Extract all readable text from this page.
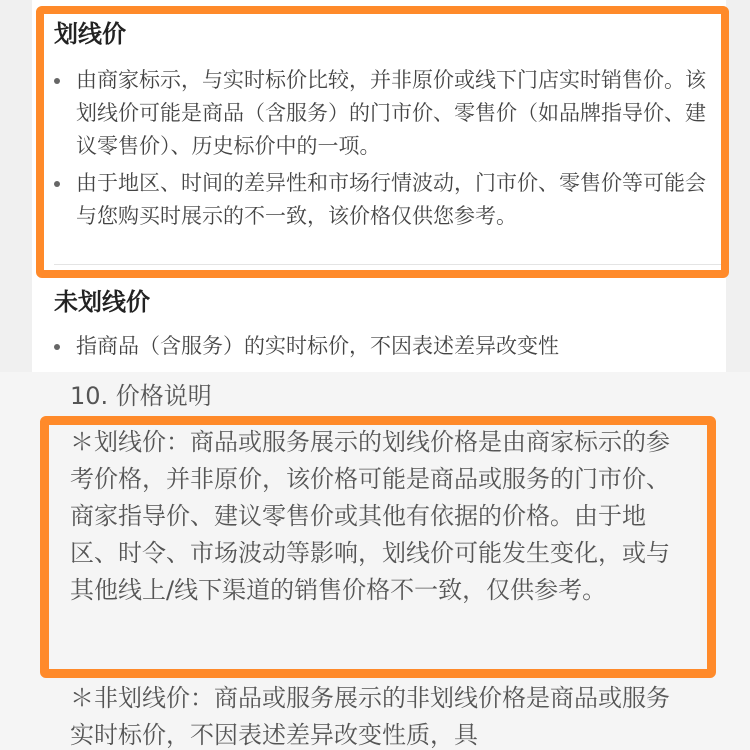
划线价
由商家标示，与实时标价比较，并非原价或线下门店实时销售价。该划线价可能是商品（含服务）的门市价、零售价（如品牌指导价、建议零售价）、历史标价中的一项。
由于地区、时间的差异性和市场行情波动，门市价、零售价等可能会与您购买时展示的不一致，该价格仅供您参考。
未划线价
指商品（含服务）的实时标价，不因表述差异改变性
10. 价格说明

＊划线价：商品或服务展示的划线价格是由商家标示的参考价格，并非原价，该价格可能是商品或服务的门市价、商家指导价、建议零售价或其他有依据的价格。由于地区、时令、市场波动等影响，划线价可能发生变化，或与其他线上/线下渠道的销售价格不一致，仅供参考。

＊非划线价：商品或服务展示的非划线价格是商品或服务实时标价，不因表述差异改变性质，具
